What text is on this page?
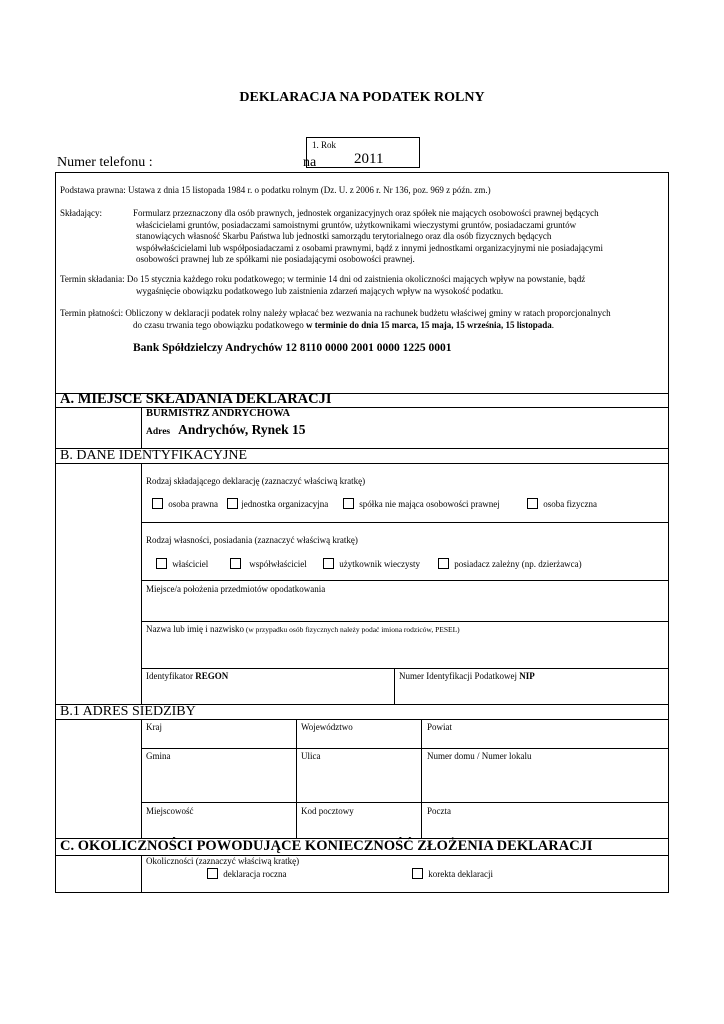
DEKLARACJA NA PODATEK ROLNY
Numer telefonu :	na
1. Rok
2011
Podstawa prawna: Ustawa z dnia 15 listopada 1984 r. o podatku rolnym (Dz. U. z 2006 r. Nr 136, poz. 969 z późn. zm.)
Składający:	Formularz przeznaczony dla osób prawnych, jednostek organizacyjnych oraz spółek nie mających osobowości prawnej będących
właścicielami gruntów, posiadaczami samoistnymi gruntów, użytkownikami wieczystymi gruntów, posiadaczami gruntów
stanowiących własność Skarbu Państwa lub jednostki samorządu terytorialnego oraz dla osób fizycznych będących
współwłaścicielami lub współposiadaczami z osobami prawnymi, bądź z innymi jednostkami organizacyjnymi nie posiadającymi
osobowości prawnej lub ze spółkami nie posiadającymi osobowości prawnej.
Termin składania: Do 15 stycznia każdego roku podatkowego; w terminie 14 dni od zaistnienia okoliczności mających wpływ na powstanie, bądź
wygaśnięcie obowiązku podatkowego lub zaistnienia zdarzeń mających wpływ na wysokość podatku.
Termin płatności: Obliczony w deklaracji podatek rolny należy wpłacać bez wezwania na rachunek budżetu właściwej gminy w ratach proporcjonalnych
do czasu trwania tego obowiązku podatkowego w terminie do dnia 15 marca, 15 maja, 15 września, 15 listopada.
Bank Spółdzielczy Andrychów 12 8110 0000 2001 0000 1225 0001
A. MIEJSCE SKŁADANIA DEKLARACJI
BURMISTRZ ANDRYCHOWA
Adres Andrychów, Rynek 15
B. DANE IDENTYFIKACYJNE
Rodzaj składającego deklarację (zaznaczyć właściwą kratkę)
osoba prawna	jednostka organizacyjna	spółka nie mająca osobowości prawnej	osoba fizyczna
Rodzaj własności, posiadania (zaznaczyć właściwą kratkę)
właściciel	współwłaściciel	użytkownik wieczysty	posiadacz zależny (np. dzierżawca)
Miejsce/a położenia przedmiotów opodatkowania
Nazwa lub imię i nazwisko (w przypadku osób fizycznych należy podać imiona rodziców, PESEL)
Identyfikator REGON	Numer Identyfikacji Podatkowej NIP
B.1 ADRES SIEDZIBY
Kraj	Województwo	Powiat
Gmina	Ulica	Numer domu / Numer lokalu
Miejscowość	Kod pocztowy	Poczta
C. OKOLICZNOŚCI POWODUJĄCE KONIECZNOŚĆ ZŁOŻENIA DEKLARACJI
Okoliczności (zaznaczyć właściwą kratkę)
deklaracja roczna	korekta deklaracji
